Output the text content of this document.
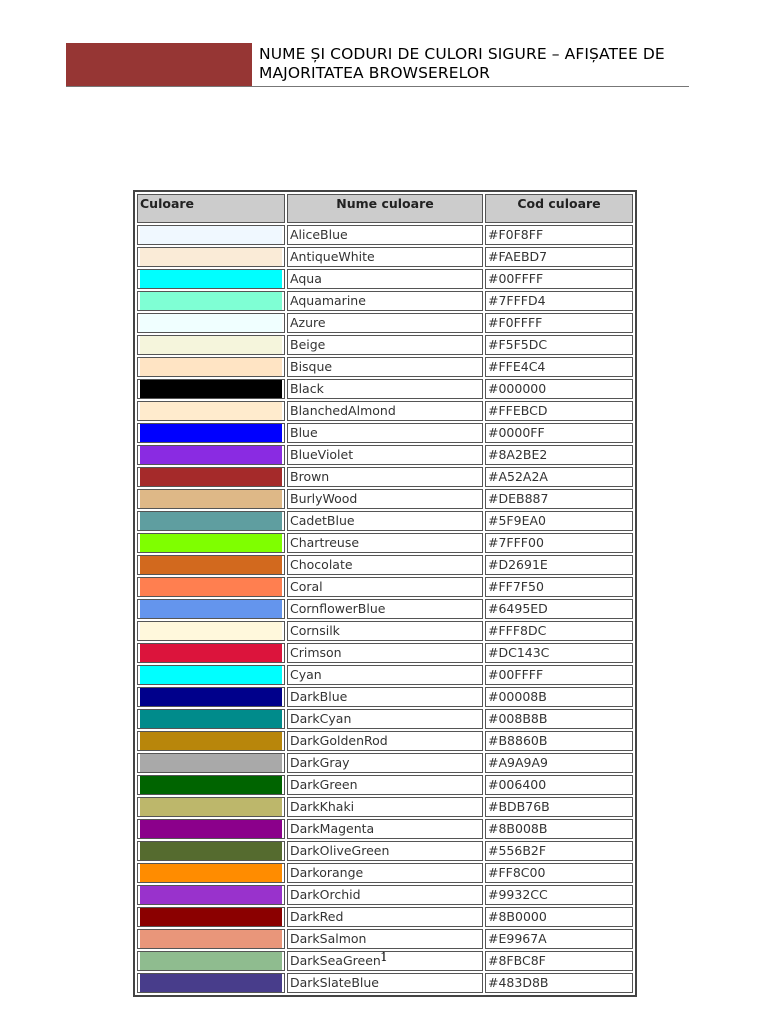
NUME ȘI CODURI DE CULORI SIGURE – AFIȘATEE DE MAJORITATEA BROWSERELOR
Culoare	Nume culoare	Cod culoare

	AliceBlue	#F0F8FF

	AntiqueWhite	#FAEBD7

	Aqua	#00FFFF

	Aquamarine	#7FFFD4

	Azure	#F0FFFF

	Beige	#F5F5DC

	Bisque	#FFE4C4

	Black	#000000

	BlanchedAlmond	#FFEBCD

	Blue	#0000FF

	BlueViolet	#8A2BE2

	Brown	#A52A2A

	BurlyWood	#DEB887

	CadetBlue	#5F9EA0

	Chartreuse	#7FFF00

	Chocolate	#D2691E

	Coral	#FF7F50

	CornflowerBlue	#6495ED

	Cornsilk	#FFF8DC

	Crimson	#DC143C

	Cyan	#00FFFF

	DarkBlue	#00008B

	DarkCyan	#008B8B

	DarkGoldenRod	#B8860B

	DarkGray	#A9A9A9

	DarkGreen	#006400

	DarkKhaki	#BDB76B

	DarkMagenta	#8B008B

	DarkOliveGreen	#556B2F

	Darkorange	#FF8C00

	DarkOrchid	#9932CC

	DarkRed	#8B0000

	DarkSalmon	#E9967A

	DarkSeaGreen	#8FBC8F

	DarkSlateBlue	#483D8B
1
